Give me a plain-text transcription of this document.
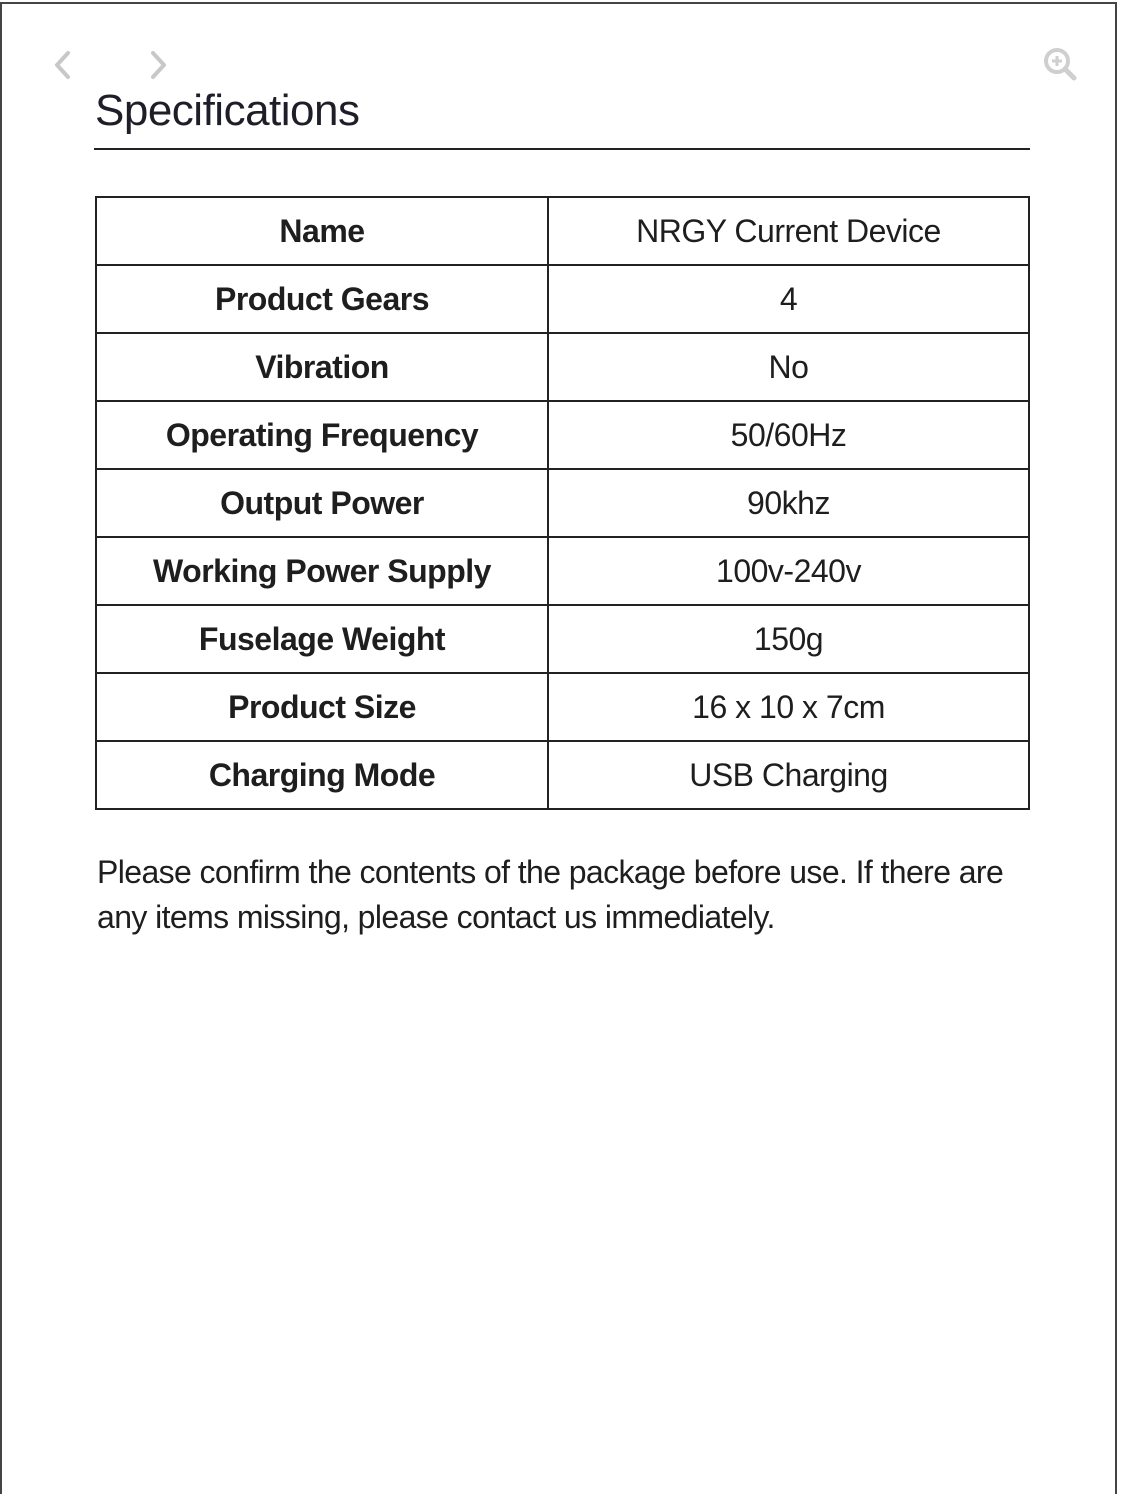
Specifications
Name	NRGY Current Device
Product Gears	4
Vibration	No
Operating Frequency	50/60Hz
Output Power	90khz
Working Power Supply	100v-240v
Fuselage Weight	150g
Product Size	16 x 10 x 7cm
Charging Mode	USB Charging
Please confirm the contents of the package before use. If there are any items missing, please contact us immediately.
